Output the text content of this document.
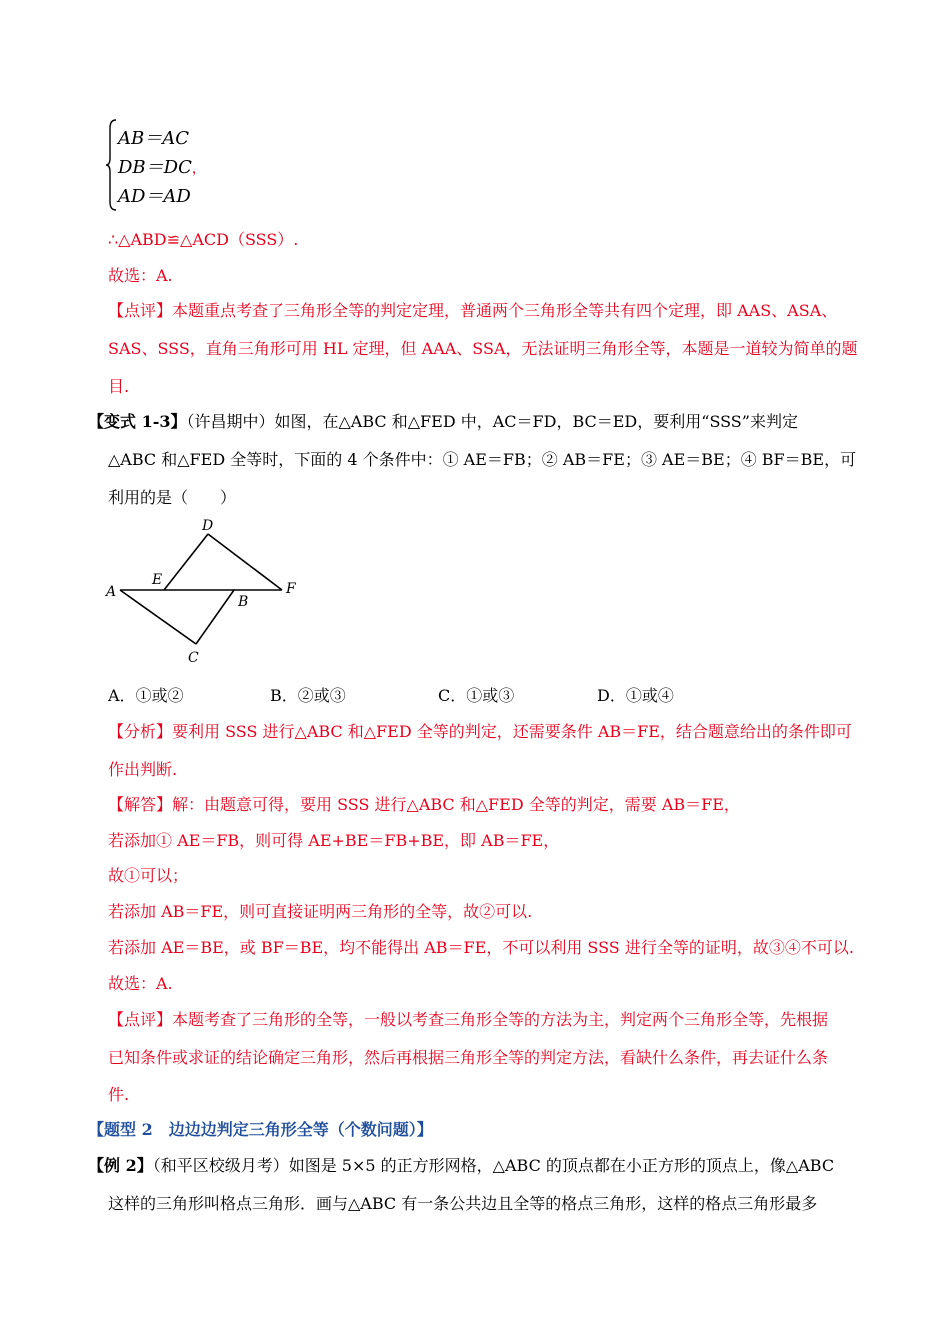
AB＝AC
DB＝DC，
AD＝AD
∴△ABD≌△ACD（SSS）.
故选：A.
【点评】本题重点考查了三角形全等的判定定理，普通两个三角形全等共有四个定理，即 AAS、ASA、
SAS、SSS，直角三角形可用 HL 定理，但 AAA、SSA，无法证明三角形全等，本题是一道较为简单的题
目.
【变式 1-3】（许昌期中）如图，在△ABC 和△FED 中，AC＝FD，BC＝ED，要利用“SSS”来判定
△ABC 和△FED 全等时，下面的 4 个条件中：① AE＝FB；② AB＝FE；③ AE＝BE；④ BF＝BE，可
利用的是（　　）
D
E
A
B
F
C
A．①或②	B．②或③	C．①或③	D．①或④
【分析】要利用 SSS 进行△ABC 和△FED 全等的判定，还需要条件 AB＝FE，结合题意给出的条件即可
作出判断.
【解答】解：由题意可得，要用 SSS 进行△ABC 和△FED 全等的判定，需要 AB＝FE，
若添加① AE＝FB，则可得 AE+BE＝FB+BE，即 AB＝FE，
故①可以；
若添加 AB＝FE，则可直接证明两三角形的全等，故②可以.
若添加 AE＝BE，或 BF＝BE，均不能得出 AB＝FE，不可以利用 SSS 进行全等的证明，故③④不可以.
故选：A.
【点评】本题考查了三角形的全等，一般以考查三角形全等的方法为主，判定两个三角形全等，先根据
已知条件或求证的结论确定三角形，然后再根据三角形全等的判定方法，看缺什么条件，再去证什么条
件.
【题型 2　边边边判定三角形全等（个数问题）】
【例 2】（和平区校级月考）如图是 5×5 的正方形网格，△ABC 的顶点都在小正方形的顶点上，像△ABC
这样的三角形叫格点三角形．画与△ABC 有一条公共边且全等的格点三角形，这样的格点三角形最多
